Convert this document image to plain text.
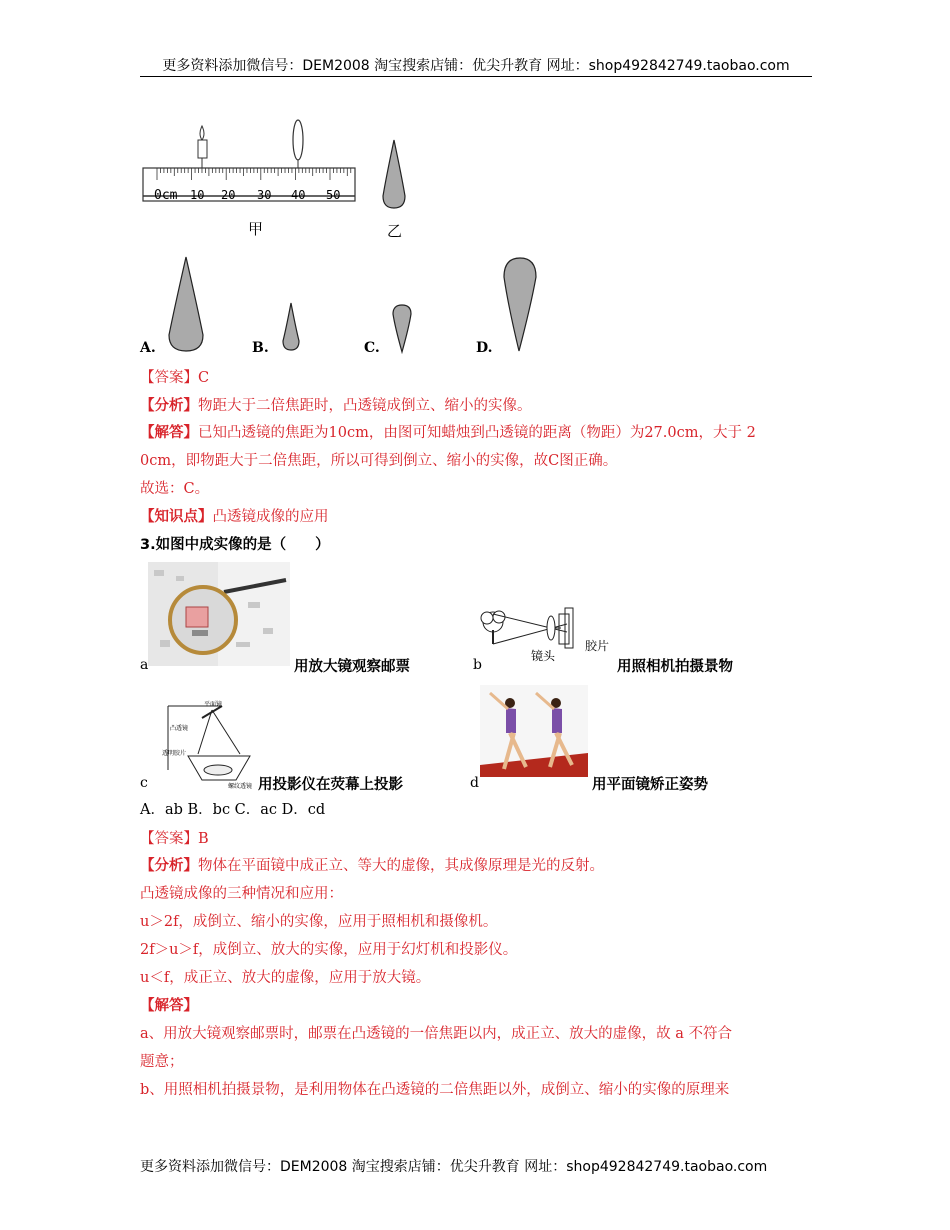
更多资料添加微信号：DEM2008 淘宝搜索店铺：优尖升教育 网址：shop492842749.taobao.com
0cm 10 20 30 40 50
甲	乙
A.	B.	C.	D.
【答案】C
【分析】物距大于二倍焦距时，凸透镜成倒立、缩小的实像。
【解答】已知凸透镜的焦距为10cm，由图可知蜡烛到凸透镜的距离（物距）为27.0cm，大于 2
0cm，即物距大于二倍焦距，所以可得到倒立、缩小的实像，故C图正确。
故选：C。
【知识点】凸透镜成像的应用
3.如图中成实像的是（　　）
a	用放大镜观察邮票
镜头
胶片
b	用照相机拍摄景物
平面镜
凸透镜
透明胶片
螺纹透镜
c	用投影仪在荧幕上投影	d	用平面镜矫正姿势
A．ab B．bc C．ac D．cd
【答案】B
【分析】物体在平面镜中成正立、等大的虚像，其成像原理是光的反射。
凸透镜成像的三种情况和应用：
u＞2f，成倒立、缩小的实像，应用于照相机和摄像机。
2f＞u＞f，成倒立、放大的实像，应用于幻灯机和投影仪。
u＜f，成正立、放大的虚像，应用于放大镜。
【解答】
a、用放大镜观察邮票时，邮票在凸透镜的一倍焦距以内，成正立、放大的虚像，故 a 不符合
题意；
b、用照相机拍摄景物，是利用物体在凸透镜的二倍焦距以外，成倒立、缩小的实像的原理来
更多资料添加微信号：DEM2008 淘宝搜索店铺：优尖升教育 网址：shop492842749.taobao.com
